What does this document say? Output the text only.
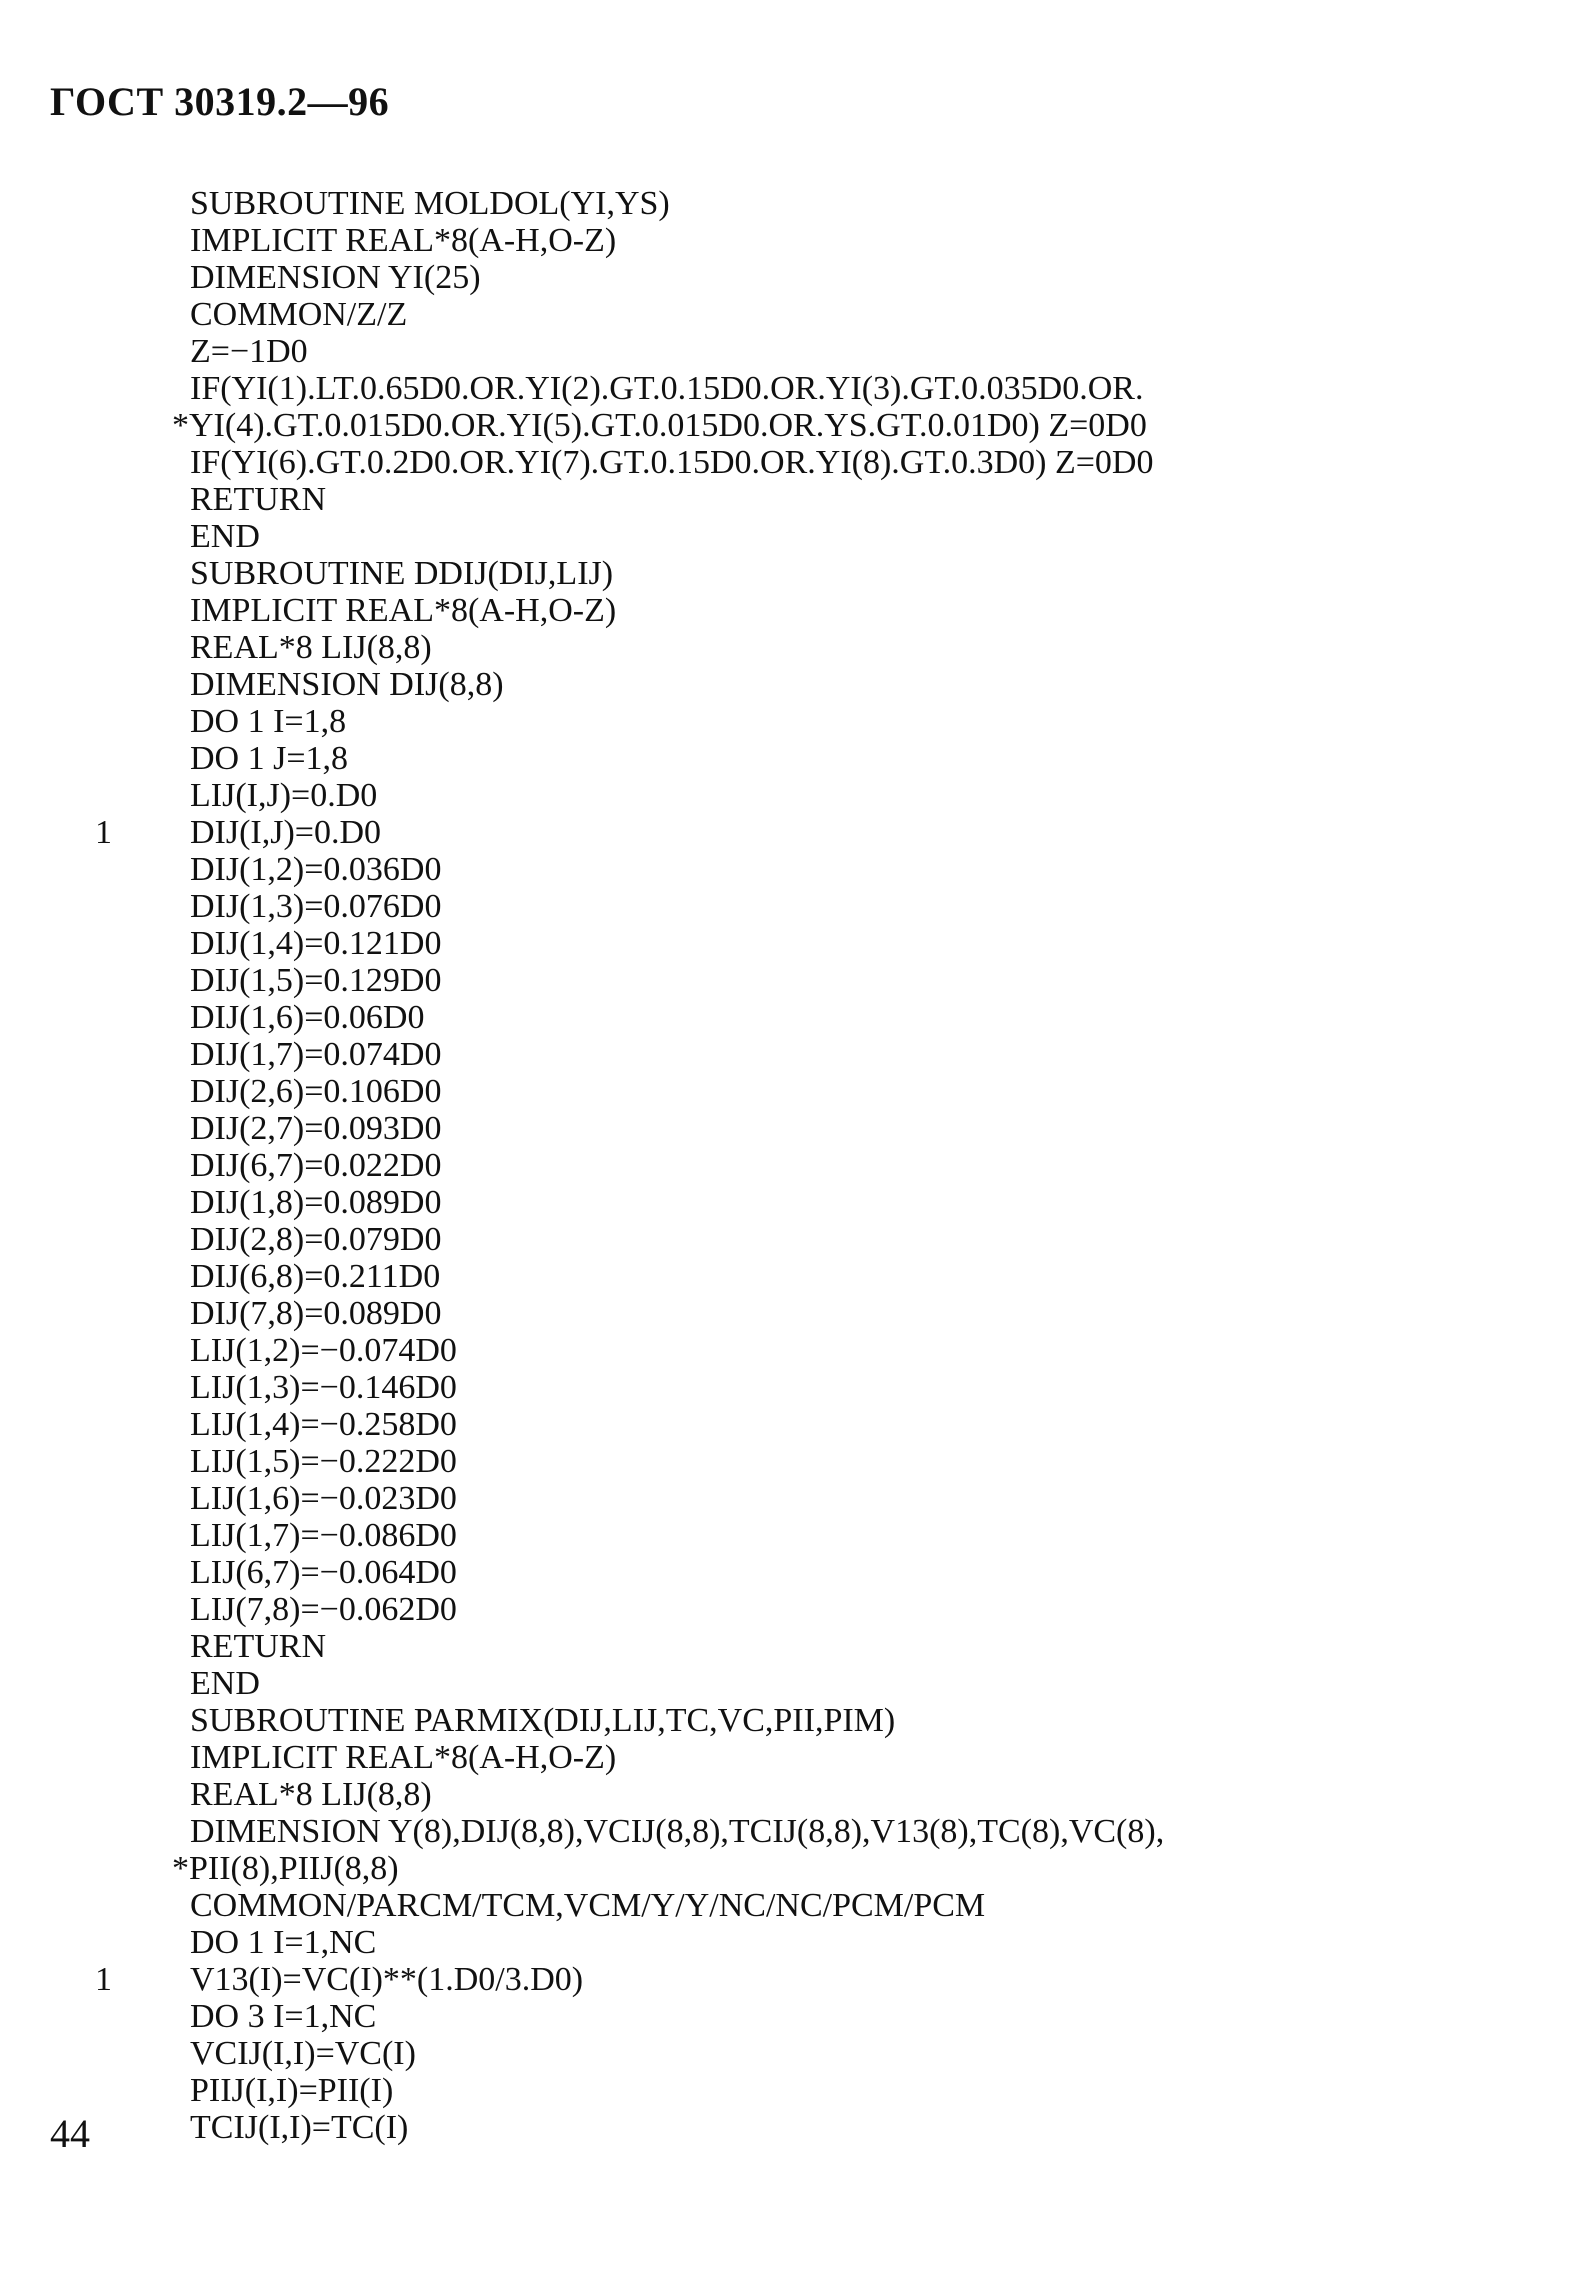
ГОСТ 30319.2—96
SUBROUTINE MOLDOL(YI,YS)
IMPLICIT REAL*8(A-H,O-Z)
DIMENSION YI(25)
COMMON/Z/Z
Z=−1D0
IF(YI(1).LT.0.65D0.OR.YI(2).GT.0.15D0.OR.YI(3).GT.0.035D0.OR.
*YI(4).GT.0.015D0.OR.YI(5).GT.0.015D0.OR.YS.GT.0.01D0) Z=0D0
IF(YI(6).GT.0.2D0.OR.YI(7).GT.0.15D0.OR.YI(8).GT.0.3D0) Z=0D0
RETURN
END
SUBROUTINE DDIJ(DIJ,LIJ)
IMPLICIT REAL*8(A-H,O-Z)
REAL*8 LIJ(8,8)
DIMENSION DIJ(8,8)
DO 1 I=1,8
DO 1 J=1,8
LIJ(I,J)=0.D0
1 DIJ(I,J)=0.D0
DIJ(1,2)=0.036D0
DIJ(1,3)=0.076D0
DIJ(1,4)=0.121D0
DIJ(1,5)=0.129D0
DIJ(1,6)=0.06D0
DIJ(1,7)=0.074D0
DIJ(2,6)=0.106D0
DIJ(2,7)=0.093D0
DIJ(6,7)=0.022D0
DIJ(1,8)=0.089D0
DIJ(2,8)=0.079D0
DIJ(6,8)=0.211D0
DIJ(7,8)=0.089D0
LIJ(1,2)=−0.074D0
LIJ(1,3)=−0.146D0
LIJ(1,4)=−0.258D0
LIJ(1,5)=−0.222D0
LIJ(1,6)=−0.023D0
LIJ(1,7)=−0.086D0
LIJ(6,7)=−0.064D0
LIJ(7,8)=−0.062D0
RETURN
END
SUBROUTINE PARMIX(DIJ,LIJ,TC,VC,PII,PIM)
IMPLICIT REAL*8(A-H,O-Z)
REAL*8 LIJ(8,8)
DIMENSION Y(8),DIJ(8,8),VCIJ(8,8),TCIJ(8,8),V13(8),TC(8),VC(8),
*PII(8),PIIJ(8,8)
COMMON/PARCM/TCM,VCM/Y/Y/NC/NC/PCM/PCM
DO 1 I=1,NC
1 V13(I)=VC(I)**(1.D0/3.D0)
DO 3 I=1,NC
VCIJ(I,I)=VC(I)
PIIJ(I,I)=PII(I)
TCIJ(I,I)=TC(I)
44
